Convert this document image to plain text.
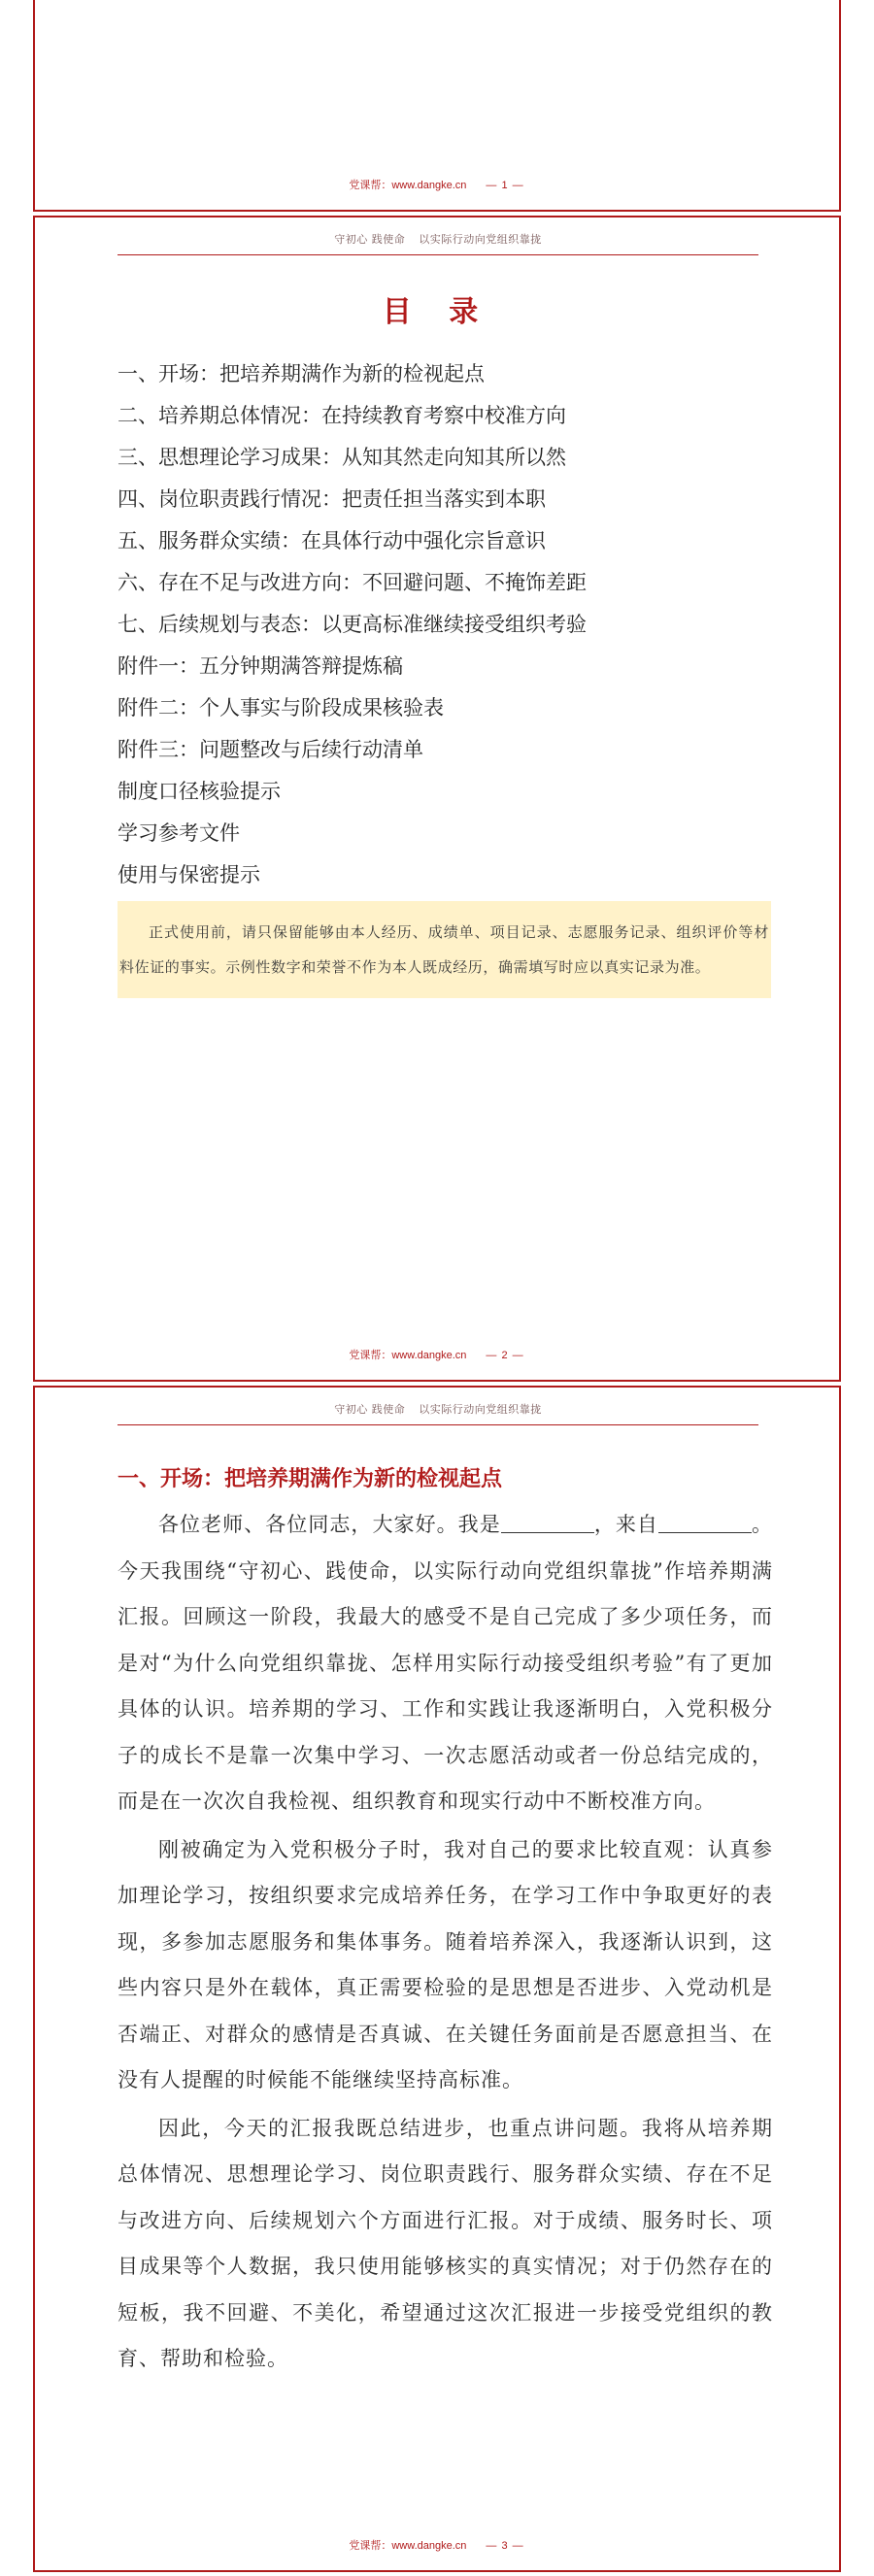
党课帮：www.dangke.cn — 1 —
守初心 践使命 以实际行动向党组织靠拢
目 录
一、开场：把培养期满作为新的检视起点
二、培养期总体情况：在持续教育考察中校准方向
三、思想理论学习成果：从知其然走向知其所以然
四、岗位职责践行情况：把责任担当落实到本职
五、服务群众实绩：在具体行动中强化宗旨意识
六、存在不足与改进方向：不回避问题、不掩饰差距
七、后续规划与表态：以更高标准继续接受组织考验
附件一：五分钟期满答辩提炼稿
附件二：个人事实与阶段成果核验表
附件三：问题整改与后续行动清单
制度口径核验提示
学习参考文件
使用与保密提示
正式使用前，请只保留能够由本人经历、成绩单、项目记录、志愿服务记录、组织评价等材料佐证的事实。示例性数字和荣誉不作为本人既成经历，确需填写时应以真实记录为准。
党课帮：www.dangke.cn — 2 —
守初心 践使命 以实际行动向党组织靠拢
一、开场：把培养期满作为新的检视起点

各位老师、各位同志，大家好。我是	，来自	。今天我围绕“守初心、践使命，以实际行动向党组织靠拢”作培养期满汇报。回顾这一阶段，我最大的感受不是自己完成了多少项任务，而是对“为什么向党组织靠拢、怎样用实际行动接受组织考验”有了更加具体的认识。培养期的学习、工作和实践让我逐渐明白，入党积极分子的成长不是靠一次集中学习、一次志愿活动或者一份总结完成的，而是在一次次自我检视、组织教育和现实行动中不断校准方向。

刚被确定为入党积极分子时，我对自己的要求比较直观：认真参加理论学习，按组织要求完成培养任务，在学习工作中争取更好的表现，多参加志愿服务和集体事务。随着培养深入，我逐渐认识到，这些内容只是外在载体，真正需要检验的是思想是否进步、入党动机是否端正、对群众的感情是否真诚、在关键任务面前是否愿意担当、在没有人提醒的时候能不能继续坚持高标准。

因此，今天的汇报我既总结进步，也重点讲问题。我将从培养期总体情况、思想理论学习、岗位职责践行、服务群众实绩、存在不足与改进方向、后续规划六个方面进行汇报。对于成绩、服务时长、项目成果等个人数据，我只使用能够核实的真实情况；对于仍然存在的短板，我不回避、不美化，希望通过这次汇报进一步接受党组织的教育、帮助和检验。

党课帮：www.dangke.cn — 3 —
